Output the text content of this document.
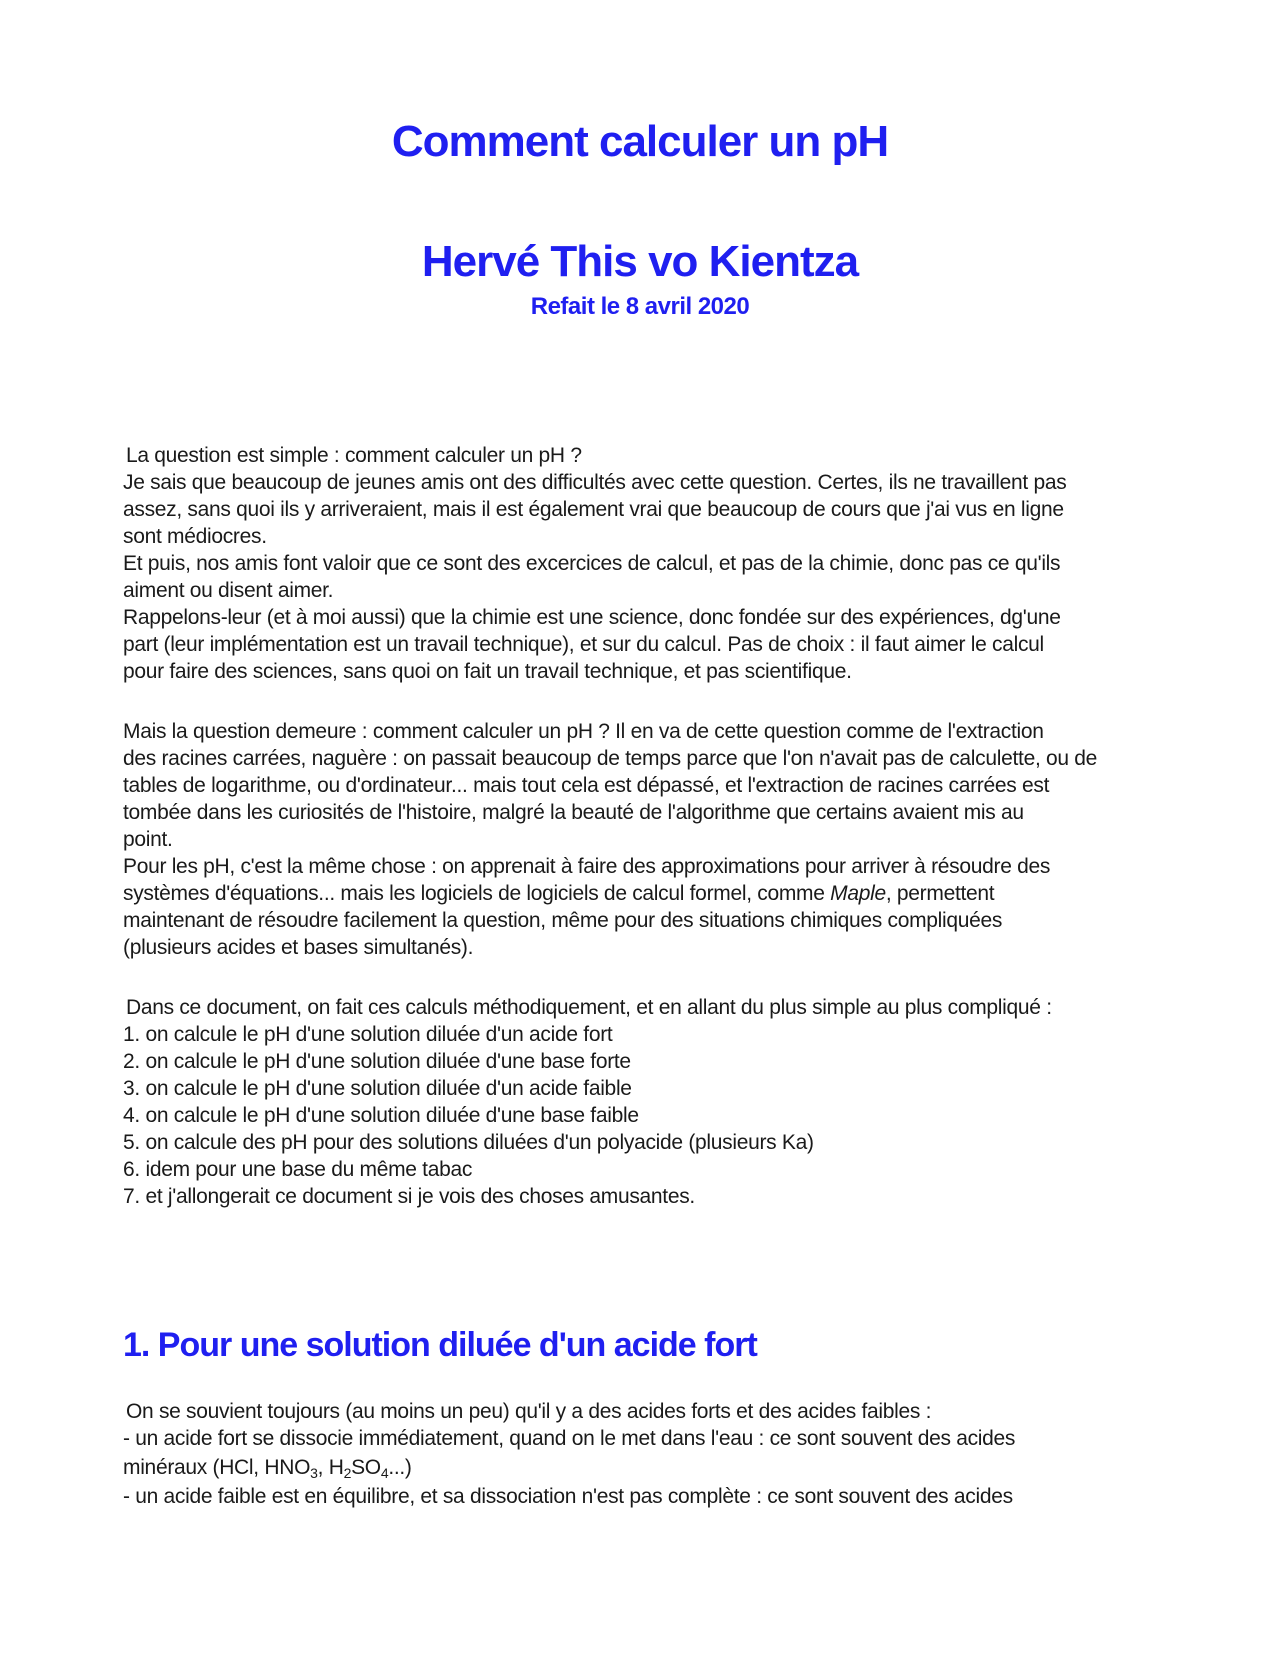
Comment calculer un pH
Hervé This vo Kientza
Refait le 8 avril 2020
La question est simple : comment calculer un pH ?
Je sais que beaucoup de jeunes amis ont des difficultés avec cette question. Certes, ils ne travaillent pas
assez, sans quoi ils y arriveraient, mais il est également vrai que beaucoup de cours que j'ai vus en ligne
sont médiocres.
Et puis, nos amis font valoir que ce sont des excercices de calcul, et pas de la chimie, donc pas ce qu'ils
aiment ou disent aimer.
Rappelons-leur (et à moi aussi) que la chimie est une science, donc fondée sur des expériences, dg'une
part (leur implémentation est un travail technique), et sur du calcul. Pas de choix : il faut aimer le calcul
pour faire des sciences, sans quoi on fait un travail technique, et pas scientifique.
Mais la question demeure : comment calculer un pH ? Il en va de cette question comme de l'extraction
des racines carrées, naguère : on passait beaucoup de temps parce que l'on n'avait pas de calculette, ou de
tables de logarithme, ou d'ordinateur... mais tout cela est dépassé, et l'extraction de racines carrées est
tombée dans les curiosités de l'histoire, malgré la beauté de l'algorithme que certains avaient mis au
point.
Pour les pH, c'est la même chose : on apprenait à faire des approximations pour arriver à résoudre des
systèmes d'équations... mais les logiciels de logiciels de calcul formel, comme Maple, permettent
maintenant de résoudre facilement la question, même pour des situations chimiques compliquées
(plusieurs acides et bases simultanés).
Dans ce document, on fait ces calculs méthodiquement, et en allant du plus simple au plus compliqué :
1. on calcule le pH d'une solution diluée d'un acide fort
2. on calcule le pH d'une solution diluée d'une base forte
3. on calcule le pH d'une solution diluée d'un acide faible
4. on calcule le pH d'une solution diluée d'une base faible
5. on calcule des pH pour des solutions diluées d'un polyacide (plusieurs Ka)
6. idem pour une base du même tabac
7. et j'allongerait ce document si je vois des choses amusantes.
1. Pour une solution diluée d'un acide fort
On se souvient toujours (au moins un peu) qu'il y a des acides forts et des acides faibles :
- un acide fort se dissocie immédiatement, quand on le met dans l'eau : ce sont souvent des acides
minéraux (HCl, $HNO_3$, $H_2SO_4$...)
- un acide faible est en équilibre, et sa dissociation n'est pas complète : ce sont souvent des acides
